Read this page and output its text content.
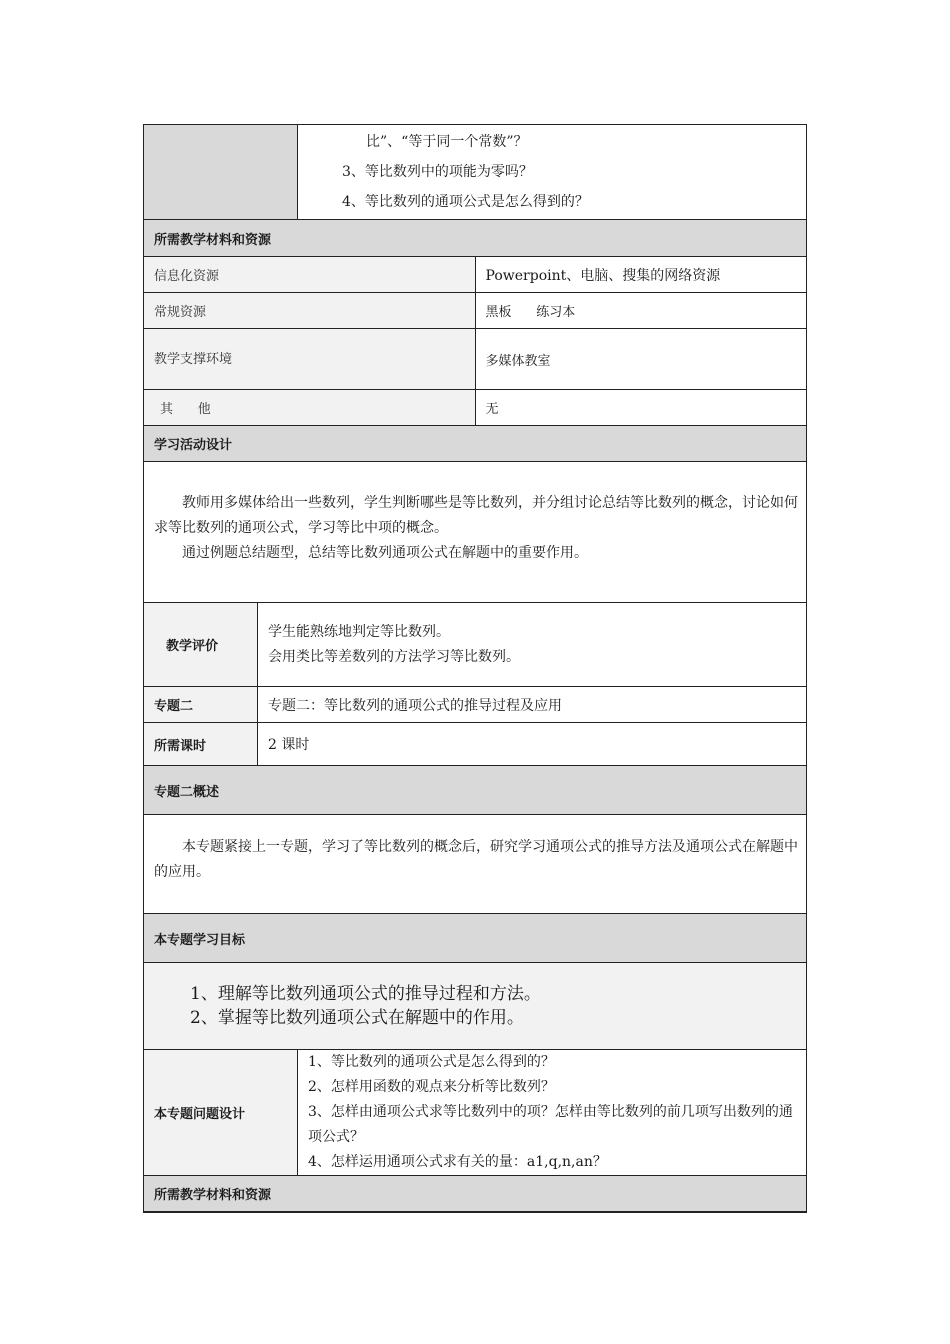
比”、“等于同一个常数”？
3、等比数列中的项能为零吗？
4、等比数列的通项公式是怎么得到的？
所需教学材料和资源	
信息化资源	Powerpoint、电脑、搜集的网络资源
常规资源	黑板      练习本
教学支撑环境	多媒体教室
其      他	无
学习活动设计

教师用多媒体给出一些数列，学生判断哪些是等比数列，并分组讨论总结等比数列的概念，讨论如何求等比数列的通项公式，学习等比中项的概念。
通过例题总结题型，总结等比数列通项公式在解题中的重要作用。
教学评价	学生能熟练地判定等比数列。
会用类比等差数列的方法学习等比数列。

专题二	专题二：等比数列的通项公式的推导过程及应用
所需课时	2 课时
专题二概述

本专题紧接上一专题，学习了等比数列的概念后，研究学习通项公式的推导方法及通项公式在解题中的应用。
本专题学习目标

1、理解等比数列通项公式的推导过程和方法。
2、掌握等比数列通项公式在解题中的作用。
本专题问题设计	
1、等比数列的通项公式是怎么得到的？
2、怎样用函数的观点来分析等比数列？
3、怎样由通项公式求等比数列中的项？怎样由等比数列的前几项写出数列的通项公式？
4、怎样运用通项公式求有关的量：a1,q,n,an？

所需教学材料和资源
